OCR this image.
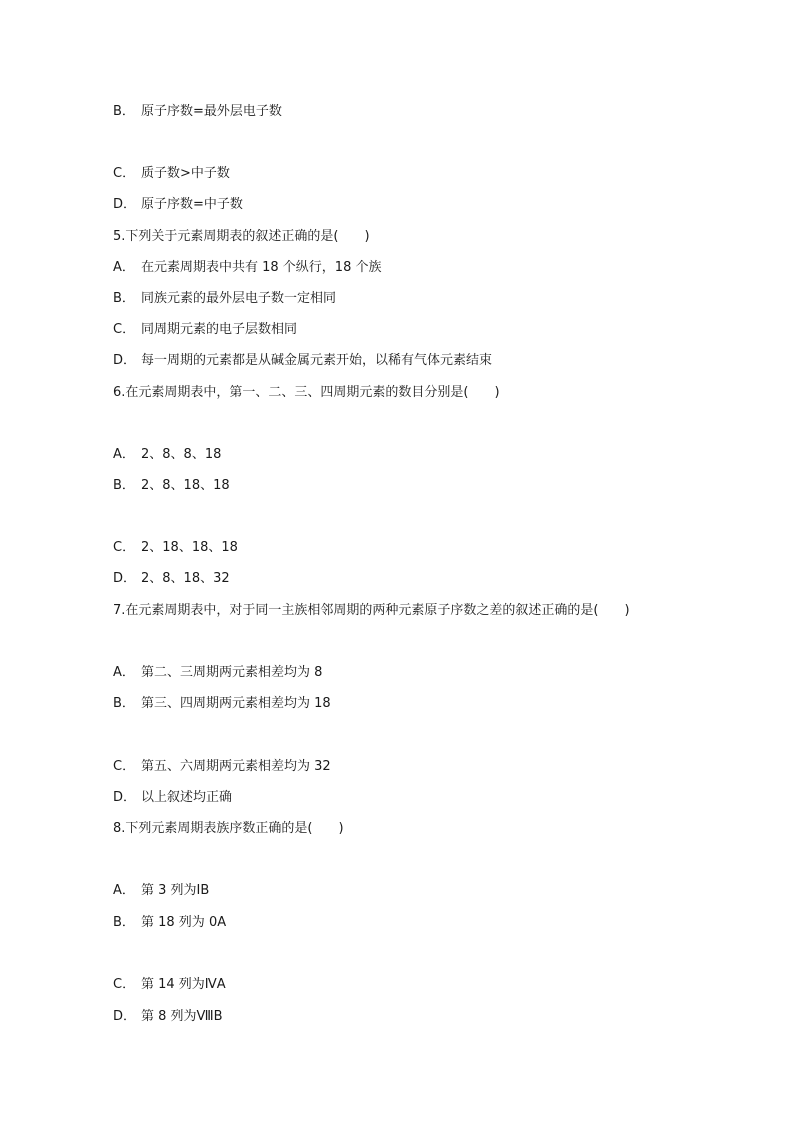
B． 原子序数=最外层电子数
C． 质子数>中子数
D． 原子序数=中子数
5.下列关于元素周期表的叙述正确的是(　　)
A． 在元素周期表中共有 18 个纵行，18 个族
B． 同族元素的最外层电子数一定相同
C． 同周期元素的电子层数相同
D． 每一周期的元素都是从碱金属元素开始，以稀有气体元素结束
6.在元素周期表中，第一、二、三、四周期元素的数目分别是(　　)
A． 2、8、8、18
B． 2、8、18、18
C． 2、18、18、18
D． 2、8、18、32
7.在元素周期表中，对于同一主族相邻周期的两种元素原子序数之差的叙述正确的是(　　)
A． 第二、三周期两元素相差均为 8
B． 第三、四周期两元素相差均为 18
C． 第五、六周期两元素相差均为 32
D． 以上叙述均正确
8.下列元素周期表族序数正确的是(　　)
A． 第 3 列为ⅠB
B． 第 18 列为 0A
C． 第 14 列为ⅣA
D． 第 8 列为ⅧB
